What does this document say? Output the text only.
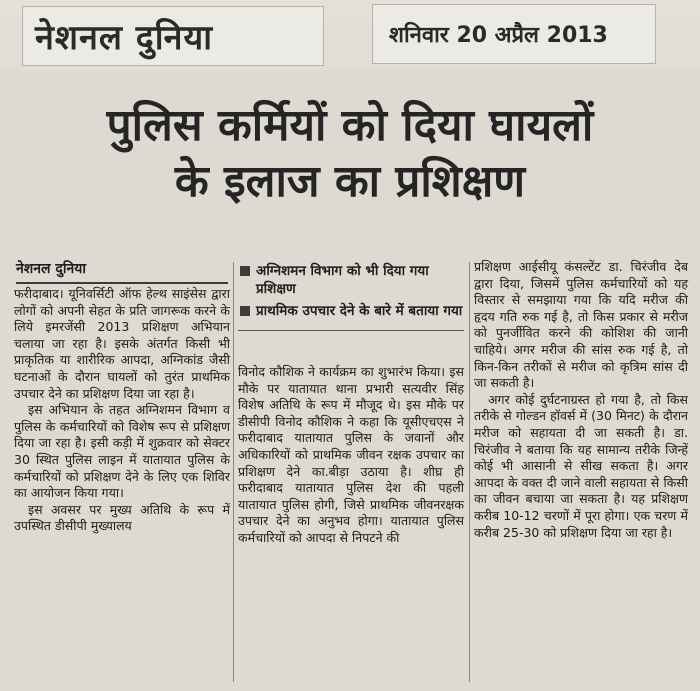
नेशनल दुनिया	शनिवार 20 अप्रैल 2013
पुलिस कर्मियों को दिया घायलों
के इलाज का प्रशिक्षण
नेशनल दुनिया

फरीदाबाद। यूनिवर्सिटी ऑफ हेल्थ साइंसेस द्वारा लोगों को अपनी सेहत के प्रति जागरूक करने के लिये इमरजेंसी 2013 प्रशिक्षण अभियान चलाया जा रहा है। इसके अंतर्गत किसी भी प्राकृतिक या शारीरिक आपदा, अग्निकांड जैसी घटनाओं के दौरान घायलों को तुरंत प्राथमिक उपचार देने का प्रशिक्षण दिया जा रहा है।

इस अभियान के तहत अग्निशमन विभाग व पुलिस के कर्मचारियों को विशेष रूप से प्रशिक्षण दिया जा रहा है। इसी कड़ी में शुक्रवार को सेक्टर 30 स्थित पुलिस लाइन में यातायात पुलिस के कर्मचारियों को प्रशिक्षण देने के लिए एक शिविर का आयोजन किया गया।

इस अवसर पर मुख्य अतिथि के रूप में उपस्थित डीसीपी मुख्यालय

अग्निशमन विभाग को भी दिया गया प्रशिक्षण
प्राथमिक उपचार देने के बारे में बताया गया

विनोद कौशिक ने कार्यक्रम का शुभारंभ किया। इस मौके पर यातायात थाना प्रभारी सत्यवीर सिंह विशेष अतिथि के रूप में मौजूद थे। इस मौके पर डीसीपी विनोद कौशिक ने कहा कि यूसीएचएस ने फरीदाबाद यातायात पुलिस के जवानों और अधिकारियों को प्राथमिक जीवन रक्षक उपचार का प्रशिक्षण देने का.बीड़ा उठाया है। शीघ्र ही फरीदाबाद यातायात पुलिस देश की पहली यातायात पुलिस होगी, जिसे प्राथमिक जीवनरक्षक उपचार देने का अनुभव होगा। यातायात पुलिस कर्मचारियों को आपदा से निपटने की

प्रशिक्षण आईसीयू कंसल्टेंट डा. चिरंजीव देब द्वारा दिया, जिसमें पुलिस कर्मचारियों को यह विस्तार से समझाया गया कि यदि मरीज की हृदय गति रुक गई है, तो किस प्रकार से मरीज को पुनर्जीवित करने की कोशिश की जानी चाहिये। अगर मरीज की सांस रुक गई है, तो किन-किन तरीकों से मरीज को कृत्रिम सांस दी जा सकती है।

अगर कोई दुर्घटनाग्रस्त हो गया है, तो किस तरीके से गोल्डन हॉवर्स में (30 मिनट) के दौरान मरीज को सहायता दी जा सकती है। डा. चिरंजीव ने बताया कि यह सामान्य तरीके जिन्हें कोई भी आसानी से सीख सकता है। अगर आपदा के वक्त दी जाने वाली सहायता से किसी का जीवन बचाया जा सकता है। यह प्रशिक्षण करीब 10-12 चरणों में पूरा होगा। एक चरण में करीब 25-30 को प्रशिक्षण दिया जा रहा है।
